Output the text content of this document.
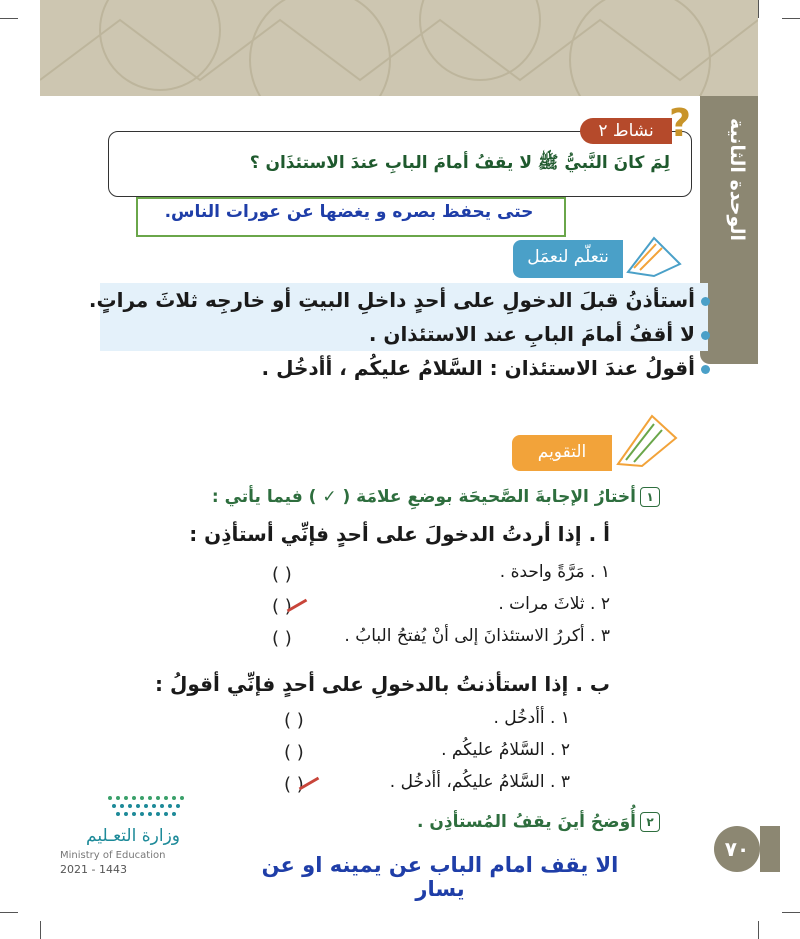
الوحدة الثانية
نشاط ٢ ?
لِمَ كانَ النَّبيُّ ﷺ لا يقفُ أمامَ البابِ عندَ الاستئذَان ؟
حتى يحفظ بصره و يغضها عن عورات الناس.
نتعلّم لنعمَل
أستأذنُ قبلَ الدخولِ على أحدٍ داخلِ البيتِ أو خارجِه ثلاثَ مراتٍ.
لا أقفُ أمامَ البابِ عند الاستئذان .
أقولُ عندَ الاستئذان : السَّلامُ عليكُم ، أأدخُل .
التقويم
١أختارُ الإجابةَ الصَّحيحَة بوضعِ علامَة ( ✓ ) فيما يأتي :
أ . إذا أردتُ الدخولَ على أحدٍ فإنِّي أستأذِن :
١ . مَرَّةً واحدة .
٢ . ثلاثَ مرات .
٣ . أكررُ الاستئذانَ إلى أنْ يُفتحُ البابُ .
( )
( )
( )
ب . إذا استأذنتُ بالدخولِ على أحدٍ فإنِّي أقولُ :
١ . أأدخُل .
٢ . السَّلامُ عليكُم .
٣ . السَّلامُ عليكُم، أأدخُل .
( )
( )
( )
٢أُوَضحُ أينَ يقفُ المُستأذِن .
الا يقف امام الباب عن يمينه او عن يسار
٧٠
وزارة التعـليم
Ministry of Education
2021 - 1443
